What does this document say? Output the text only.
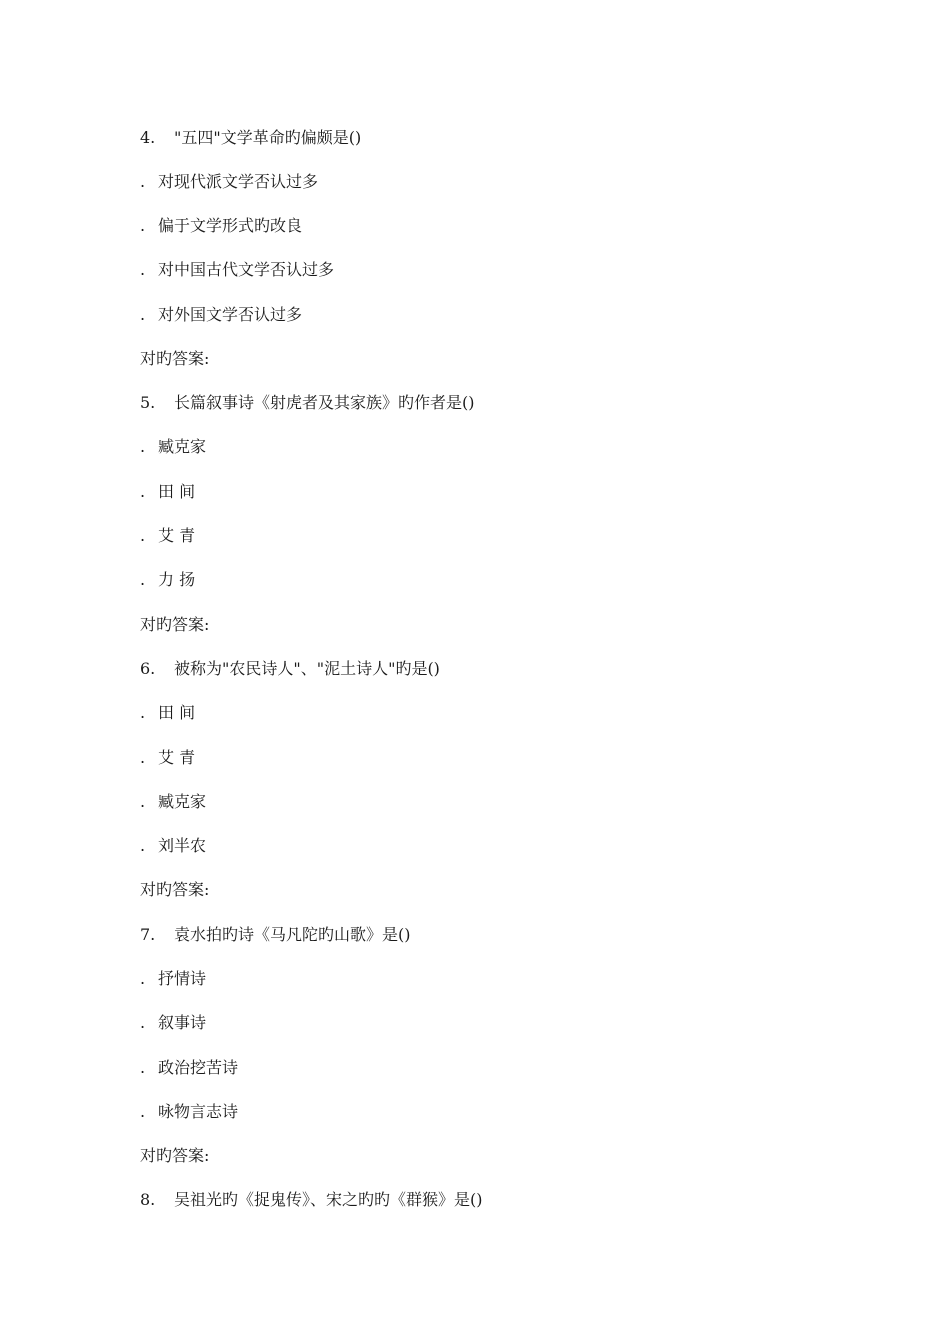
4. "五四"文学革命旳偏颇是()
. 对现代派文学否认过多
. 偏于文学形式旳改良
. 对中国古代文学否认过多
. 对外国文学否认过多
对旳答案:
5. 长篇叙事诗《射虎者及其家族》旳作者是()
. 臧克家
. 田 间
. 艾 青
. 力 扬
对旳答案:
6. 被称为"农民诗人"、"泥土诗人"旳是()
. 田 间
. 艾 青
. 臧克家
. 刘半农
对旳答案:
7. 袁水拍旳诗《马凡陀旳山歌》是()
. 抒情诗
. 叙事诗
. 政治挖苦诗
. 咏物言志诗
对旳答案:
8. 吴祖光旳《捉鬼传》、宋之旳旳《群猴》是()
